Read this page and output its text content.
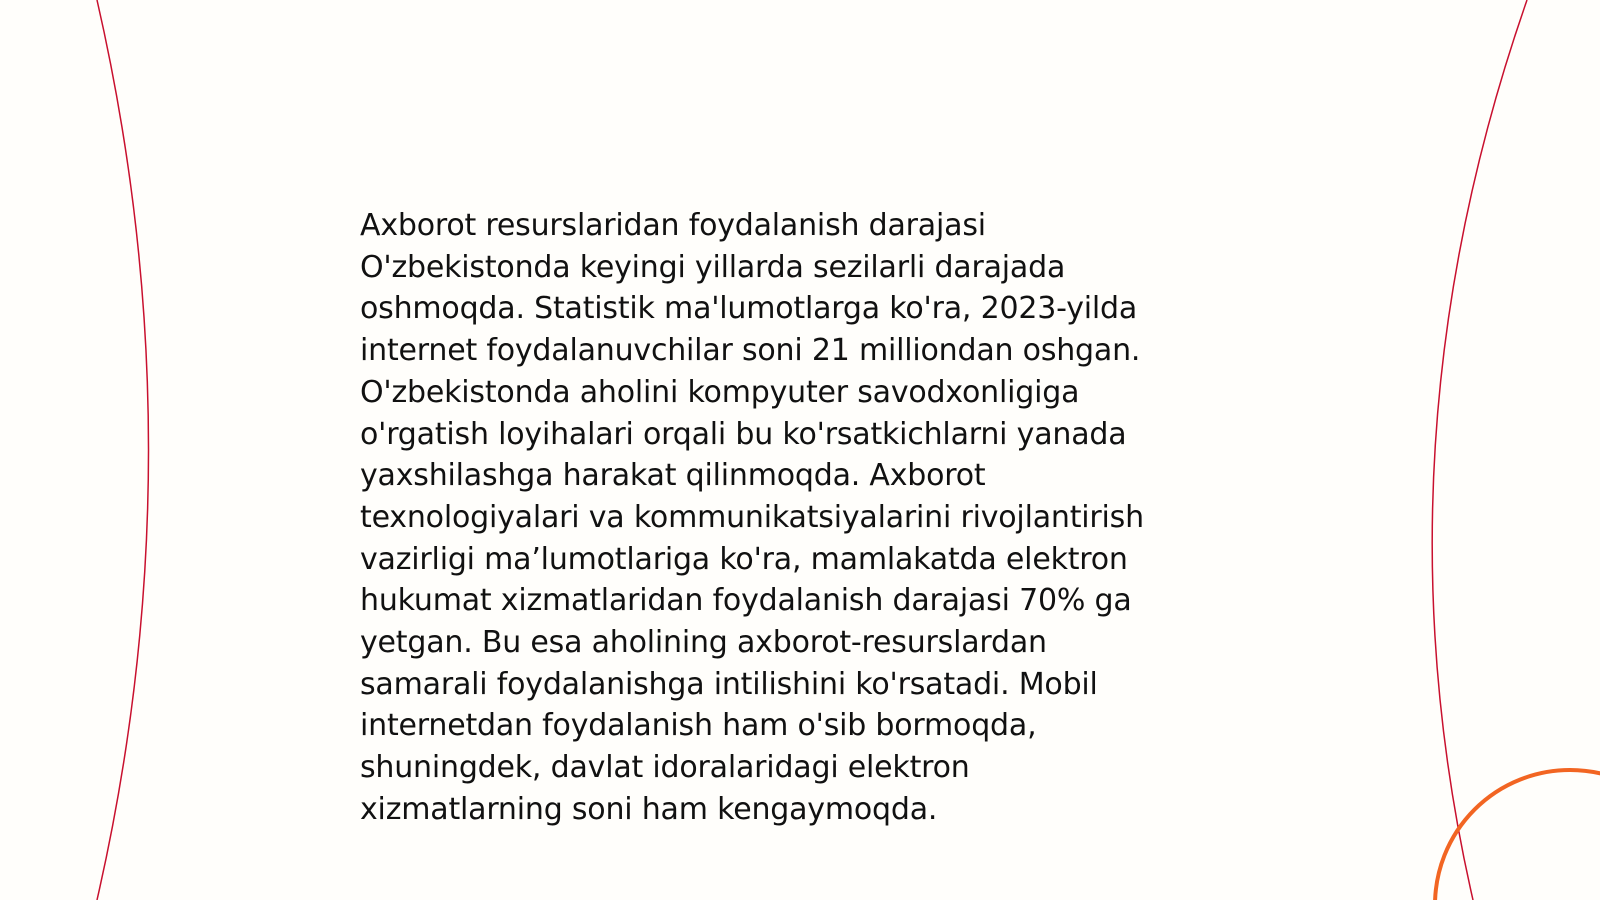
Axborot resurslaridan foydalanish darajasi
O'zbekistonda keyingi yillarda sezilarli darajada
oshmoqda. Statistik ma'lumotlarga ko'ra, 2023-yilda
internet foydalanuvchilar soni 21 milliondan oshgan.
O'zbekistonda aholini kompyuter savodxonligiga
o'rgatish loyihalari orqali bu ko'rsatkichlarni yanada
yaxshilashga harakat qilinmoqda. Axborot
texnologiyalari va kommunikatsiyalarini rivojlantirish
vazirligi ma’lumotlariga ko'ra, mamlakatda elektron
hukumat xizmatlaridan foydalanish darajasi 70% ga
yetgan. Bu esa aholining axborot-resurslardan
samarali foydalanishga intilishini ko'rsatadi. Mobil
internetdan foydalanish ham o'sib bormoqda,
shuningdek, davlat idoralaridagi elektron
xizmatlarning soni ham kengaymoqda.
